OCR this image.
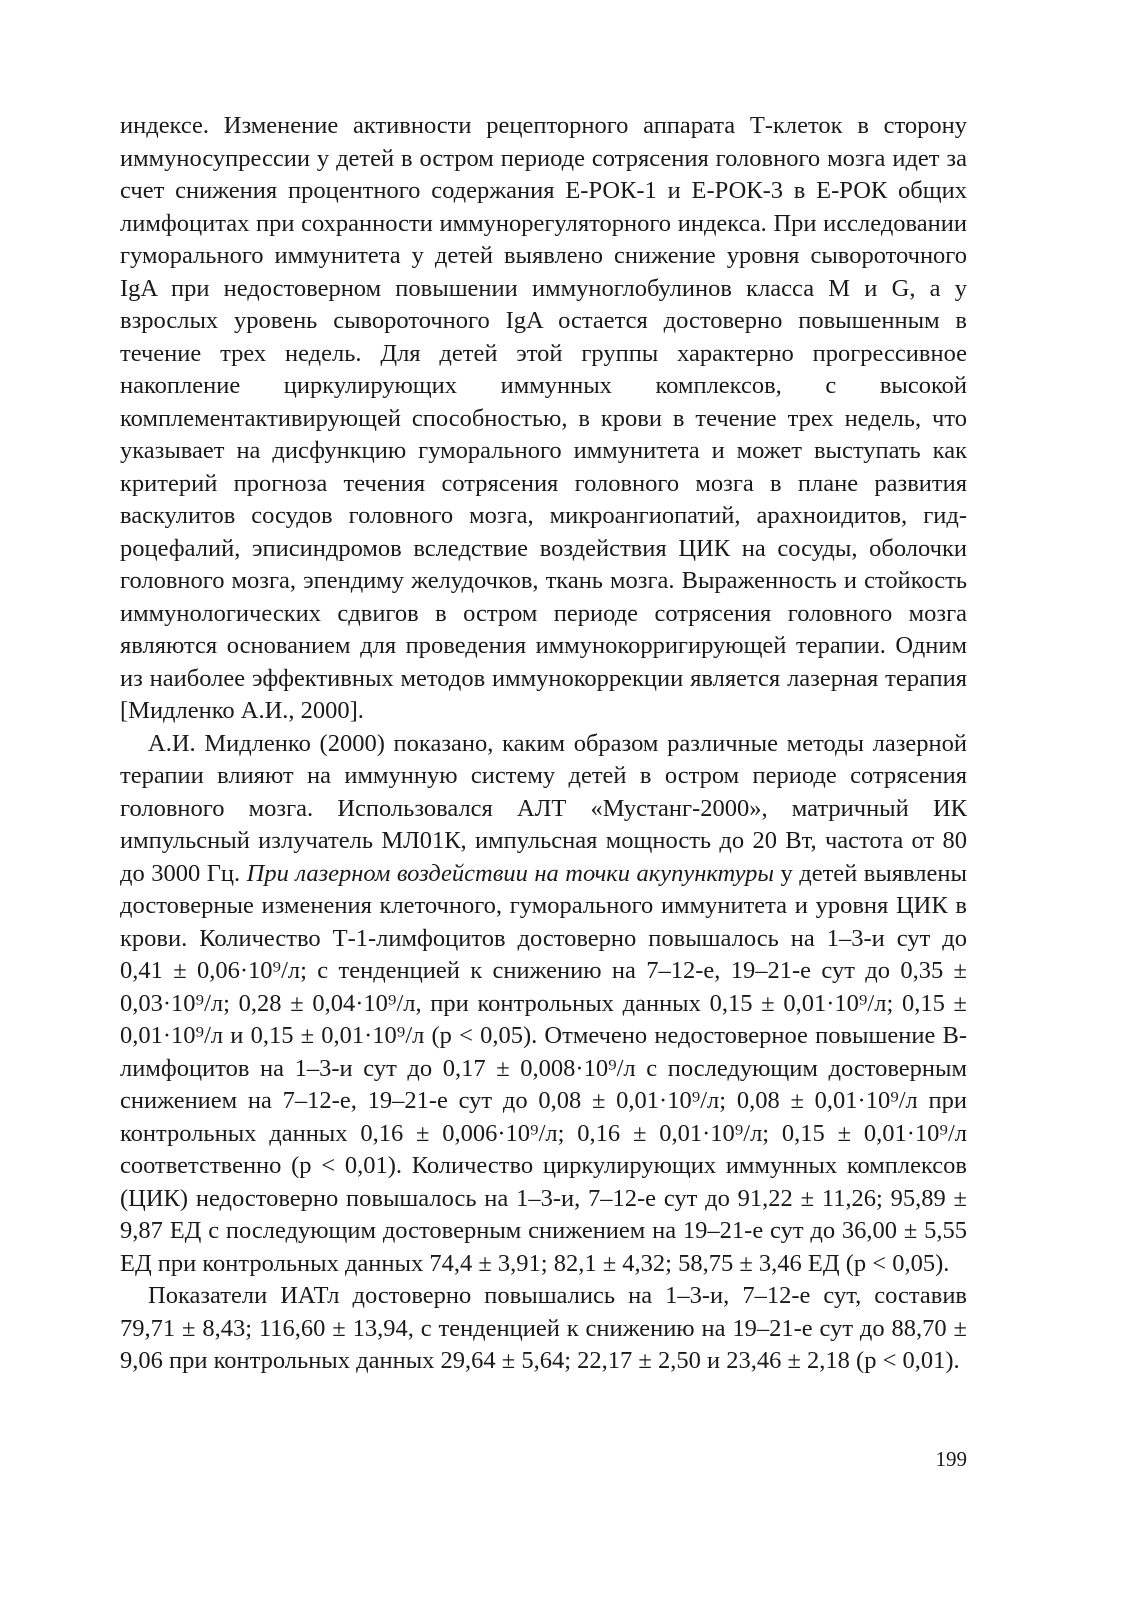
индексе. Изменение активности рецепторного аппарата Т-клеток в сторону иммуносупрессии у детей в остром периоде сотрясения головного мозга идет за счет снижения процентного содержания Е-РОК-1 и Е-РОК-3 в Е-РОК общих лимфоцитах при сохранности иммунорегуляторного индекса. При исследовании гуморального иммунитета у детей выявлено снижение уровня сывороточного IgA при недостоверном повышении иммуноглобулинов класса M и G, а у взрослых уровень сывороточного IgA остается достоверно повышенным в течение трех недель. Для детей этой группы характерно прогрессивное накопление циркулирующих иммунных комплексов, с высокой комплементактивирующей способностью, в крови в течение трех недель, что указывает на дисфункцию гуморального иммунитета и может выступать как критерий прогноза течения сотрясения головного мозга в плане развития васкулитов сосудов головного мозга, микроангиопатий, арахноидитов, гидроцефалий, эписиндромов вследствие воздействия ЦИК на сосуды, оболочки головного мозга, эпендиму желудочков, ткань мозга. Выраженность и стойкость иммунологических сдвигов в остром периоде сотрясения головного мозга являются основанием для проведения иммунокорригирующей терапии. Одним из наиболее эффективных методов иммунокоррекции является лазерная терапия [Мидленко А.И., 2000].

А.И. Мидленко (2000) показано, каким образом различные методы лазерной терапии влияют на иммунную систему детей в остром периоде сотрясения головного мозга. Использовался АЛТ «Мустанг-2000», матричный ИК импульсный излучатель МЛ01К, импульсная мощность до 20 Вт, частота от 80 до 3000 Гц. При лазерном воздействии на точки акупунктуры у детей выявлены достоверные изменения клеточного, гуморального иммунитета и уровня ЦИК в крови. Количество Т-1-лимфоцитов достоверно повышалось на 1–3-и сут до 0,41 ± 0,06·10⁹/л; с тенденцией к снижению на 7–12-е, 19–21-е сут до 0,35 ± 0,03·10⁹/л; 0,28 ± 0,04·10⁹/л, при контрольных данных 0,15 ± 0,01·10⁹/л; 0,15 ± 0,01·10⁹/л и 0,15 ± 0,01·10⁹/л (р < 0,05). Отмечено недостоверное повышение В-лимфоцитов на 1–3-и сут до 0,17 ± 0,008·10⁹/л с последующим достоверным снижением на 7–12-е, 19–21-е сут до 0,08 ± 0,01·10⁹/л; 0,08 ± 0,01·10⁹/л при контрольных данных 0,16 ± 0,006·10⁹/л; 0,16 ± 0,01·10⁹/л; 0,15 ± 0,01·10⁹/л соответственно (р < 0,01). Количество циркулирующих иммунных комплексов (ЦИК) недостоверно повышалось на 1–3-и, 7–12-е сут до 91,22 ± 11,26; 95,89 ± 9,87 ЕД с последующим достоверным снижением на 19–21-е сут до 36,00 ± 5,55 ЕД при контрольных данных 74,4 ± 3,91; 82,1 ± 4,32; 58,75 ± 3,46 ЕД (р < 0,05).

Показатели ИАТл достоверно повышались на 1–3-и, 7–12-е сут, составив 79,71 ± 8,43; 116,60 ± 13,94, с тенденцией к снижению на 19–21-е сут до 88,70 ± 9,06 при контрольных данных 29,64 ± 5,64; 22,17 ± 2,50 и 23,46 ± 2,18 (р < 0,01).

199
